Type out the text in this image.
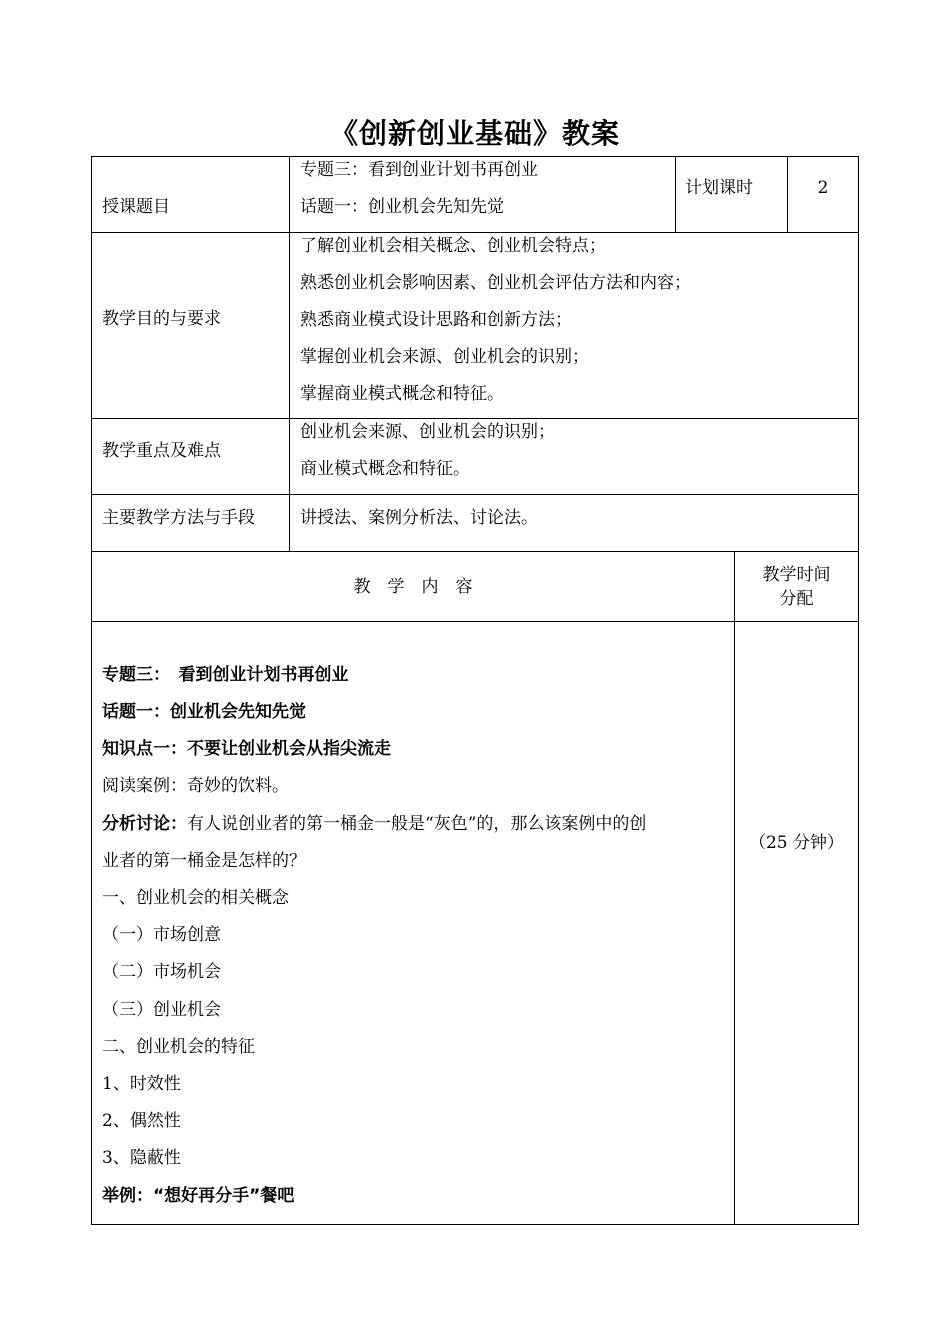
《创新创业基础》教案
授课题目
专题三：看到创业计划书再创业
话题一：创业机会先知先觉
计划课时	2
教学目的与要求
了解创业机会相关概念、创业机会特点；
熟悉创业机会影响因素、创业机会评估方法和内容；
熟悉商业模式设计思路和创新方法；
掌握创业机会来源、创业机会的识别；
掌握商业模式概念和特征。
教学重点及难点
创业机会来源、创业机会的识别；
商业模式概念和特征。
主要教学方法与手段	讲授法、案例分析法、讨论法。
教　学　内　容
教学时间
分配
专题三：　看到创业计划书再创业
话题一：创业机会先知先觉
知识点一：不要让创业机会从指尖流走
阅读案例：奇妙的饮料。
分析讨论：有人说创业者的第一桶金一般是“灰色”的，那么该案例中的创
业者的第一桶金是怎样的？
一、创业机会的相关概念
（一）市场创意
（二）市场机会
（三）创业机会
二、创业机会的特征
1、时效性
2、偶然性
3、隐蔽性
举例：“想好再分手”餐吧
（25 分钟）
